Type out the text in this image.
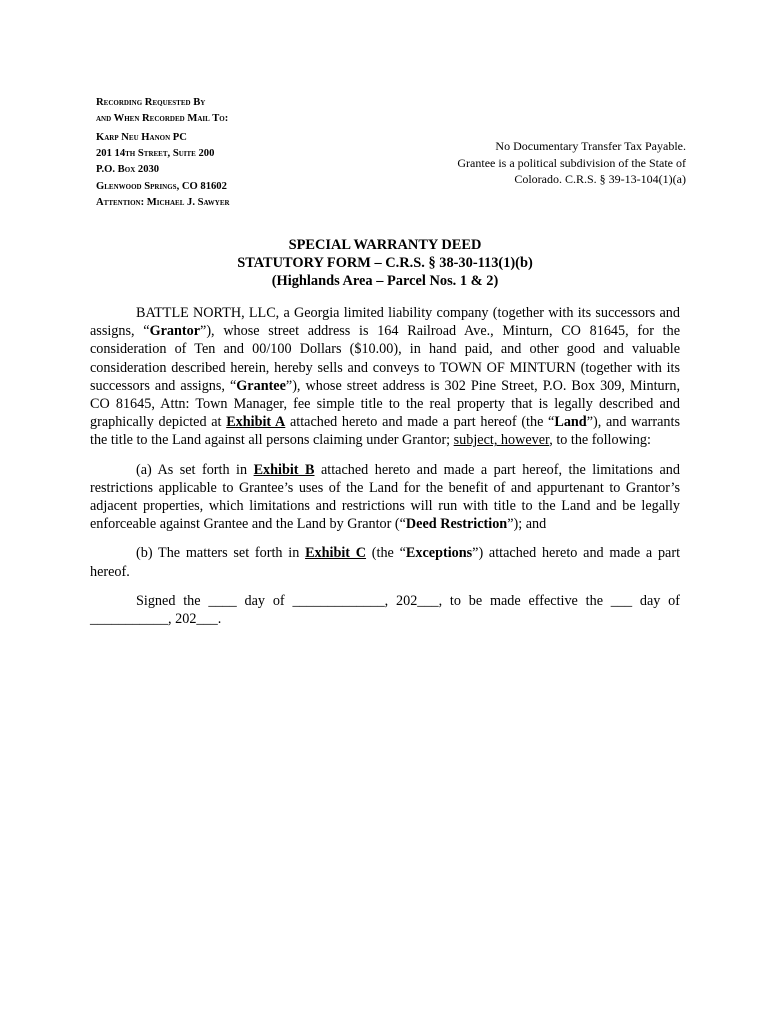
Recording Requested By
and When Recorded Mail To:
Karp Neu Hanon PC
201 14th Street, Suite 200
P.O. Box 2030
Glenwood Springs, CO 81602
Attention: Michael J. Sawyer
No Documentary Transfer Tax Payable.
Grantee is a political subdivision of the State of
Colorado. C.R.S. § 39-13-104(1)(a)
SPECIAL WARRANTY DEED
STATUTORY FORM – C.R.S. § 38-30-113(1)(b)
(Highlands Area – Parcel Nos. 1 & 2)

BATTLE NORTH, LLC, a Georgia limited liability company (together with its successors and assigns, “Grantor”), whose street address is 164 Railroad Ave., Minturn, CO 81645, for the consideration of Ten and 00/100 Dollars ($10.00), in hand paid, and other good and valuable consideration described herein, hereby sells and conveys to TOWN OF MINTURN (together with its successors and assigns, “Grantee”), whose street address is 302 Pine Street, P.O. Box 309, Minturn, CO 81645, Attn: Town Manager, fee simple title to the real property that is legally described and graphically depicted at Exhibit A attached hereto and made a part hereof (the “Land”), and warrants the title to the Land against all persons claiming under Grantor; subject, however, to the following:

(a) As set forth in Exhibit B attached hereto and made a part hereof, the limitations and restrictions applicable to Grantee’s uses of the Land for the benefit of and appurtenant to Grantor’s adjacent properties, which limitations and restrictions will run with title to the Land and be legally enforceable against Grantee and the Land by Grantor (“Deed Restriction”); and

(b) The matters set forth in Exhibit C (the “Exceptions”) attached hereto and made a part hereof.

Signed the ____ day of _____________, 202___, to be made effective the ___ day of ___________, 202___.
